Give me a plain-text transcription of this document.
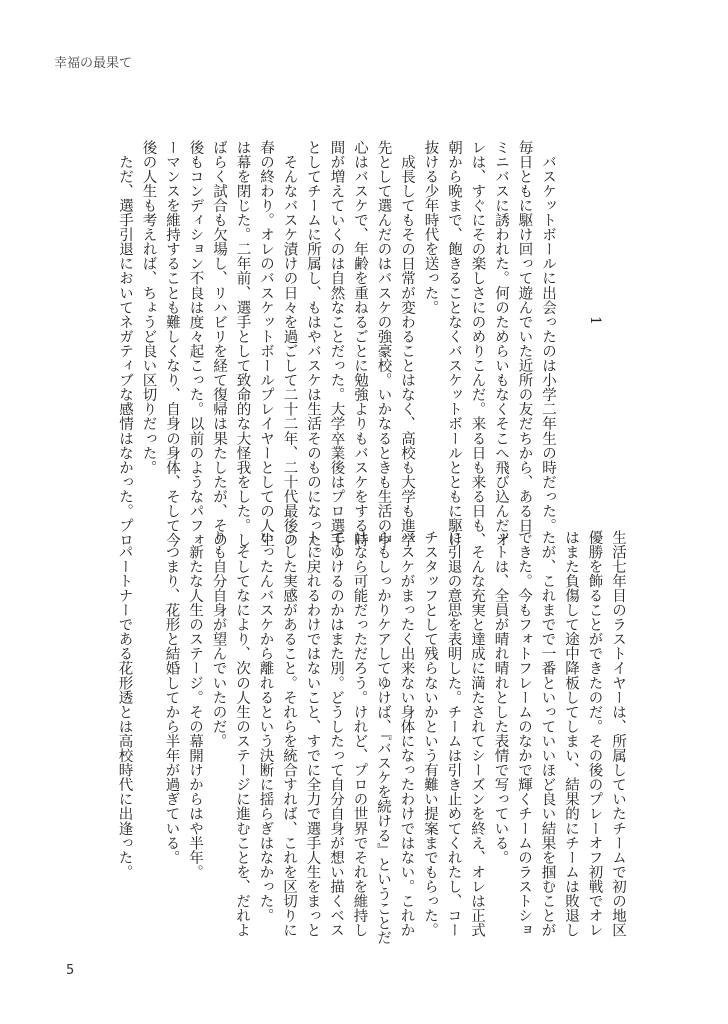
幸福の最果て
1

　バスケットボールに出会ったのは小学二年生の時だった。
毎日ともに駆け回って遊んでいた近所の友だちから、ある日
ミニバスに誘われた。何のためらいもなくそこへ飛び込んだオ
レは、すぐにその楽しさにのめりこんだ。来る日も来る日も、
朝から晩まで、飽きることなくバスケットボールとともに駆け
抜ける少年時代を送った。
　成長してもその日常が変わることはなく、高校も大学も進学
先として選んだのはバスケの強豪校。いかなるときも生活の中
心はバスケで、年齢を重ねるごとに勉強よりもバスケをする時
間が増えていくのは自然なことだった。大学卒業後はプロ選手
としてチームに所属し、もはやバスケは生活そのものになった。
　そんなバスケ漬けの日々を過ごして二十二年、二十代最後の
春の終わり。オレのバスケットボールプレイヤーとしての人生
は幕を閉じた。二年前、選手として致命的な大怪我をした。し
ばらく試合も欠場し、リハビリを経て復帰は果たしたが、その
後もコンディション不良は度々起こった。以前のようなパフォ
ーマンスを維持することも難しくなり、自身の身体、そして今
後の人生も考えれば、ちょうど良い区切りだった。
　ただ、選手引退においてネガティブな感情はなかった。プロ
生活七年目のラストイヤーは、所属していたチームで初の地区
優勝を飾ることができたのだ。その後のプレーオフ初戦でオレ
はまた負傷して途中降板してしまい、結果的にチームは敗退し
たが、これまでで一番といっていいほど良い結果を掴むことが
できた。今もフォトフレームのなかで輝くチームのラストショ
ットは、全員が晴れ晴れとした表情で写っている。
　そんな充実と達成に満たされてシーズンを終え、オレは正式
に引退の意思を表明した。チームは引き止めてくれたし、コー
チスタッフとして残らないかという有難い提案までもらった。
バスケがまったく出来ない身体になったわけではない。これか
らもしっかりケアしてゆけば、『バスケを続ける』ということだ
けなら可能だっただろう。けれど、プロの世界でそれを維持し
てゆけるのかはまた別。どうしたって自分自身が想い描くベス
トに戻れるわけではないこと、すでに全力で選手人生をまっと
うした実感があること。それらを統合すれば、これを区切りに
いったんバスケから離れるという決断に揺らぎはなかった。
　そしてなにより、次の人生のステージに進むことを、だれよ
りも自分自身が望んでいたのだ。
　新たな人生のステージ。その幕開けからはや半年。
　つまり、花形と結婚してから半年が過ぎている。

　パートナーである花形透とは高校時代に出逢った。
5
